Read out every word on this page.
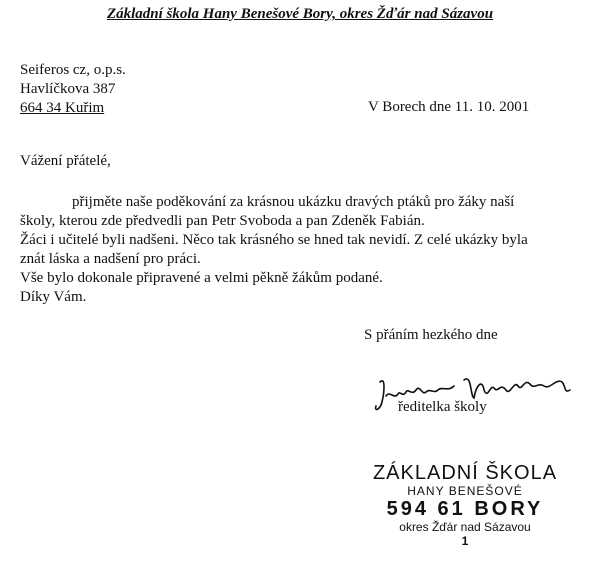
Základní škola Hany Benešové Bory, okres Žďár nad Sázavou
Seiferos cz, o.p.s.
Havlíčkova 387
664 34 Kuřim	V Borech dne 11. 10. 2001
Vážení přátelé,
přijměte naše poděkování za krásnou ukázku dravých ptáků pro žáky naší
školy, kterou zde předvedli pan Petr Svoboda a pan Zdeněk Fabián.
Žáci i učitelé byli nadšeni. Něco tak krásného se hned tak nevidí. Z celé ukázky byla
znát láska a nadšení pro práci.
Vše bylo dokonale připravené a velmi pěkně žákům podané.
Díky Vám.
S přáním hezkého dne
ředitelka školy
ZÁKLADNÍ ŠKOLA
HANY BENEŠOVÉ
594 61 BORY
okres Žďár nad Sázavou
1
